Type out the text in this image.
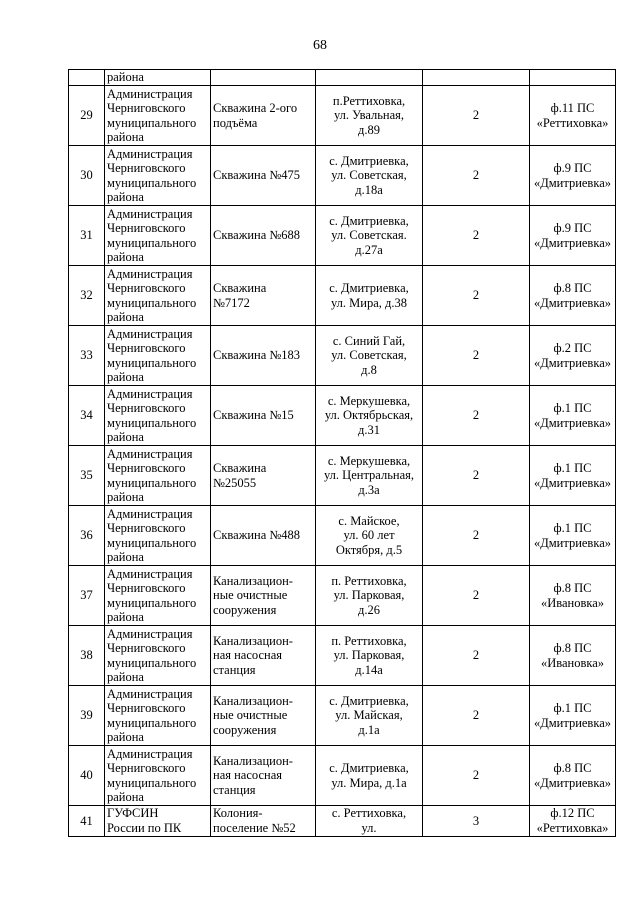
68
	района				
29	Администрация
Черниговского
муниципального
района	Скважина 2-ого
подъёма	п.Реттиховка,
ул. Увальная,
д.89	2	ф.11 ПС
«Реттиховка»
30	Администрация
Черниговского
муниципального
района	Скважина №475	с. Дмитриевка,
ул. Советская,
д.18а	2	ф.9 ПС
«Дмитриевка»
31	Администрация
Черниговского
муниципального
района	Скважина №688	с. Дмитриевка,
ул. Советская.
д.27а	2	ф.9 ПС
«Дмитриевка»
32	Администрация
Черниговского
муниципального
района	Скважина
№7172	с. Дмитриевка,
ул. Мира, д.38	2	ф.8 ПС
«Дмитриевка»
33	Администрация
Черниговского
муниципального
района	Скважина №183	с. Синий Гай,
ул. Советская,
д.8	2	ф.2 ПС
«Дмитриевка»
34	Администрация
Черниговского
муниципального
района	Скважина №15	с. Меркушевка,
ул. Октябрьская,
д.31	2	ф.1 ПС
«Дмитриевка»
35	Администрация
Черниговского
муниципального
района	Скважина
№25055	с. Меркушевка,
ул. Центральная,
д.3а	2	ф.1 ПС
«Дмитриевка»
36	Администрация
Черниговского
муниципального
района	Скважина №488	с. Майское,
ул. 60 лет
Октября, д.5	2	ф.1 ПС
«Дмитриевка»
37	Администрация
Черниговского
муниципального
района	Канализацион-
ные очистные
сооружения	п. Реттиховка,
ул. Парковая,
д.26	2	ф.8 ПС
«Ивановка»
38	Администрация
Черниговского
муниципального
района	Канализацион-
ная насосная
станция	п. Реттиховка,
ул. Парковая,
д.14а	2	ф.8 ПС
«Ивановка»
39	Администрация
Черниговского
муниципального
района	Канализацион-
ные очистные
сооружения	с. Дмитриевка,
ул. Майская,
д.1а	2	ф.1 ПС
«Дмитриевка»
40	Администрация
Черниговского
муниципального
района	Канализацион-
ная насосная
станция	с. Дмитриевка,
ул. Мира, д.1а	2	ф.8 ПС
«Дмитриевка»
41	ГУФСИН
России по ПК	Колония-
поселение №52	с. Реттиховка,
ул.	3	ф.12 ПС
«Реттиховка»
